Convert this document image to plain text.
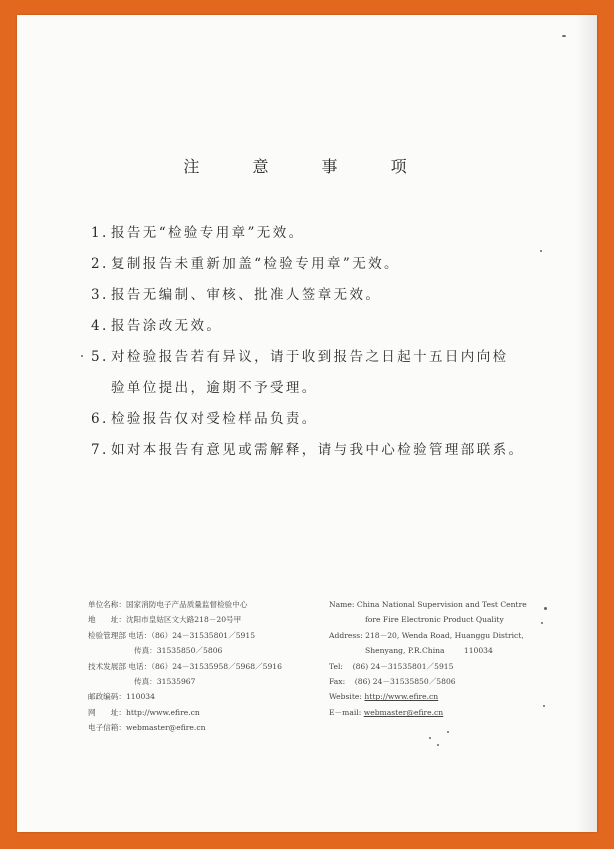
注 意 事 项
1. 报告无“检验专用章”无效。
2. 复制报告未重新加盖“检验专用章”无效。
3. 报告无编制、审核、批准人签章无效。
4. 报告涂改无效。
5. 对检验报告若有异议，请于收到报告之日起十五日内向检
验单位提出，逾期不予受理。
6. 检验报告仅对受检样品负责。
7. 如对本报告有意见或需解释，请与我中心检验管理部联系。
单位名称：国家消防电子产品质量监督检验中心
地　　址：沈阳市皇姑区文大路218－20号甲
检验管理部 电话：（86）24－31535801／5915
传真：31535850／5806
技术发展部 电话：（86）24－31535958／5968／5916
传真：31535967
邮政编码：110034
网　　址：http://www.efire.cn
电子信箱：webmaster@efire.cn
Name: China National Supervision and Test Centre
fore Fire Electronic Product Quality
Address: 218－20, Wenda Road, Huanggu District,
Shenyang, P.R.China	110034
Tel: (86) 24－31535801／5915
Fax: (86) 24－31535850／5806
Website: http://www.efire.cn
E－mail: webmaster@efire.cn
